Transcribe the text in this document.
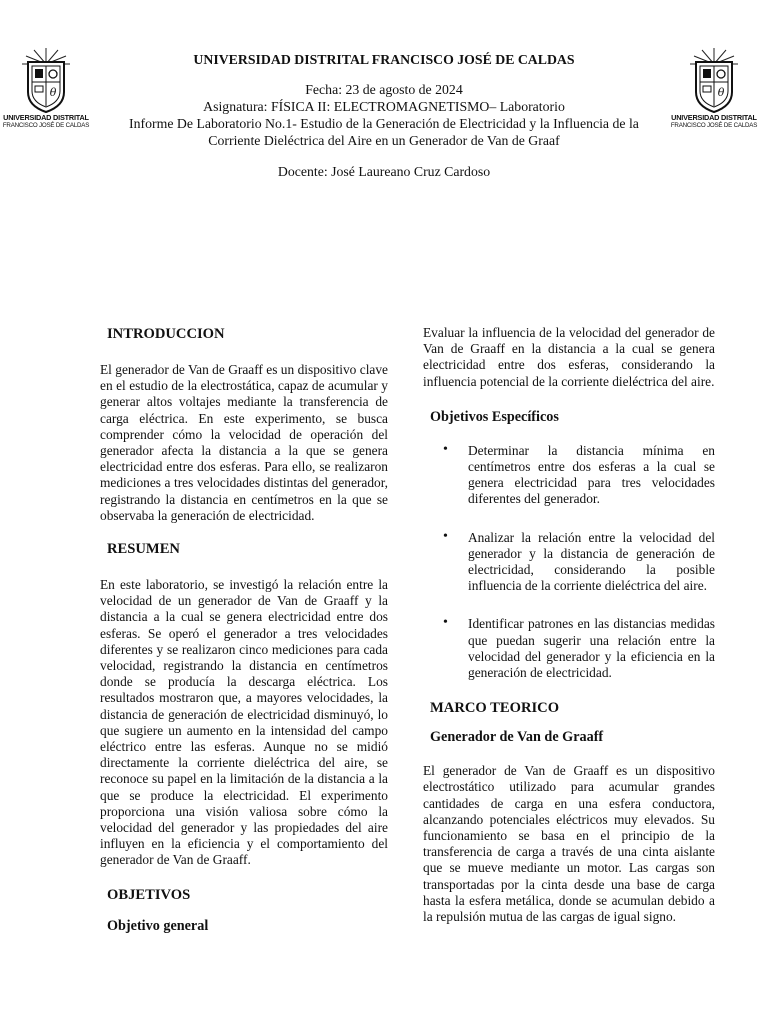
θ
UNIVERSIDAD DISTRITAL
FRANCISCO JOSÉ DE CALDAS
θ
UNIVERSIDAD DISTRITAL
FRANCISCO JOSÉ DE CALDAS
UNIVERSIDAD DISTRITAL FRANCISCO JOSÉ DE CALDAS
Fecha: 23 de agosto de 2024
Asignatura: FÍSICA II: ELECTROMAGNETISMO– Laboratorio
Informe De Laboratorio No.1- Estudio de la Generación de Electricidad y la Influencia de la
Corriente Dieléctrica del Aire en un Generador de Van de Graaf
Docente: José Laureano Cruz Cardoso
INTRODUCCION

El generador de Van de Graaff es un dispositivo clave en el estudio de la electrostática, capaz de acumular y generar altos voltajes mediante la transferencia de carga eléctrica. En este experimento, se busca comprender cómo la velocidad de operación del generador afecta la distancia a la que se genera electricidad entre dos esferas. Para ello, se realizaron mediciones a tres velocidades distintas del generador, registrando la distancia en centímetros en la que se observaba la generación de electricidad.

RESUMEN

En este laboratorio, se investigó la relación entre la velocidad de un generador de Van de Graaff y la distancia a la cual se genera electricidad entre dos esferas. Se operó el generador a tres velocidades diferentes y se realizaron cinco mediciones para cada velocidad, registrando la distancia en centímetros donde se producía la descarga eléctrica. Los resultados mostraron que, a mayores velocidades, la distancia de generación de electricidad disminuyó, lo que sugiere un aumento en la intensidad del campo eléctrico entre las esferas. Aunque no se midió directamente la corriente dieléctrica del aire, se reconoce su papel en la limitación de la distancia a la que se produce la electricidad. El experimento proporciona una visión valiosa sobre cómo la velocidad del generador y las propiedades del aire influyen en la eficiencia y el comportamiento del generador de Van de Graaff.

OBJETIVOS
Objetivo general

Evaluar la influencia de la velocidad del generador de Van de Graaff en la distancia a la cual se genera electricidad entre dos esferas, considerando la influencia potencial de la corriente dieléctrica del aire.

Objetivos Específicos
• Determinar la distancia mínima en centímetros entre dos esferas a la cual se genera electricidad para tres velocidades diferentes del generador.
• Analizar la relación entre la velocidad del generador y la distancia de generación de electricidad, considerando la posible influencia de la corriente dieléctrica del aire.
• Identificar patrones en las distancias medidas que puedan sugerir una relación entre la velocidad del generador y la eficiencia en la generación de electricidad.
MARCO TEORICO
Generador de Van de Graaff

El generador de Van de Graaff es un dispositivo electrostático utilizado para acumular grandes cantidades de carga en una esfera conductora, alcanzando potenciales eléctricos muy elevados. Su funcionamiento se basa en el principio de la transferencia de carga a través de una cinta aislante que se mueve mediante un motor. Las cargas son transportadas por la cinta desde una base de carga hasta la esfera metálica, donde se acumulan debido a la repulsión mutua de las cargas de igual signo.
